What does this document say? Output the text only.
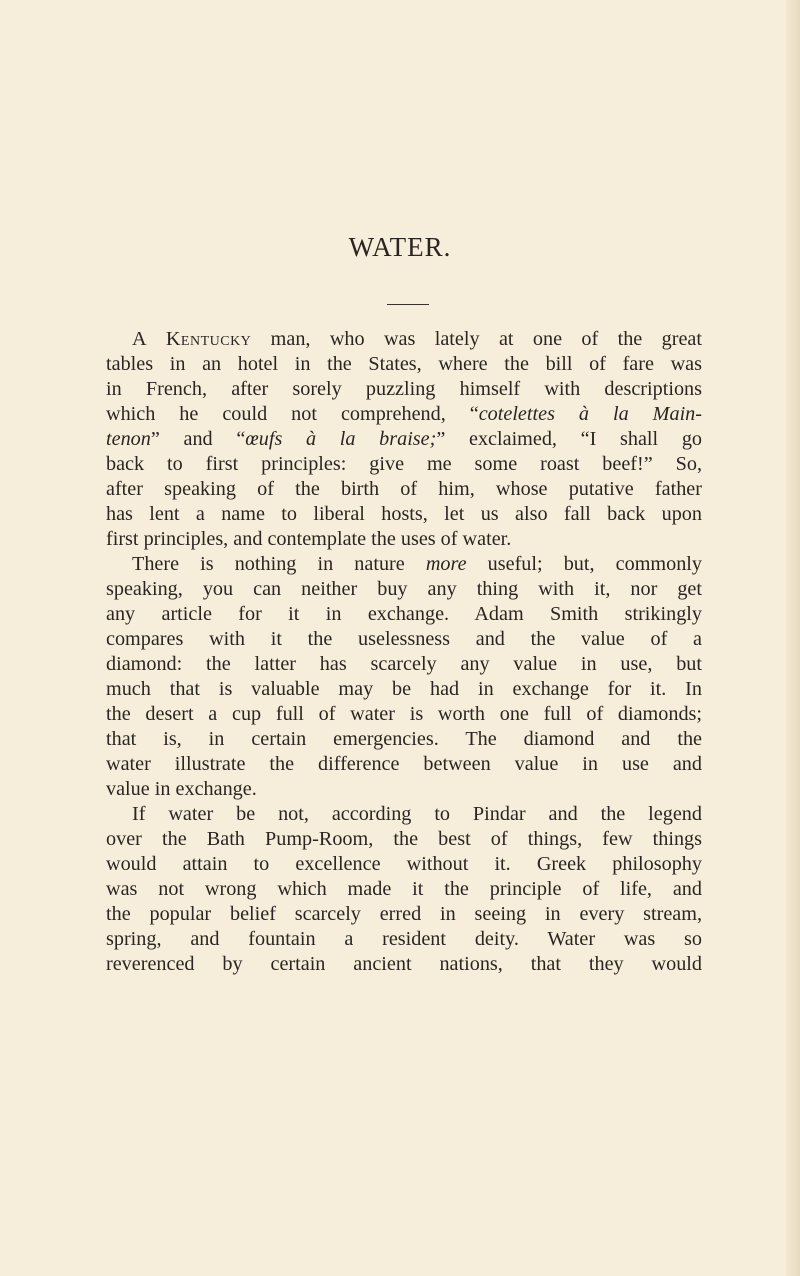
WATER.
A Kentucky man, who was lately at one of the great
tables in an hotel in the States, where the bill of fare was
in French, after sorely puzzling himself with descriptions
which he could not comprehend, “cotelettes à la Main-
tenon” and “œufs à la braise;” exclaimed, “I shall go
back to first principles: give me some roast beef!” So,
after speaking of the birth of him, whose putative father
has lent a name to liberal hosts, let us also fall back upon
first principles, and contemplate the uses of water.
There is nothing in nature more useful; but, commonly
speaking, you can neither buy any thing with it, nor get
any article for it in exchange. Adam Smith strikingly
compares with it the uselessness and the value of a
diamond: the latter has scarcely any value in use, but
much that is valuable may be had in exchange for it. In
the desert a cup full of water is worth one full of diamonds;
that is, in certain emergencies. The diamond and the
water illustrate the difference between value in use and
value in exchange.
If water be not, according to Pindar and the legend
over the Bath Pump-Room, the best of things, few things
would attain to excellence without it. Greek philosophy
was not wrong which made it the principle of life, and
the popular belief scarcely erred in seeing in every stream,
spring, and fountain a resident deity. Water was so
reverenced by certain ancient nations, that they would
